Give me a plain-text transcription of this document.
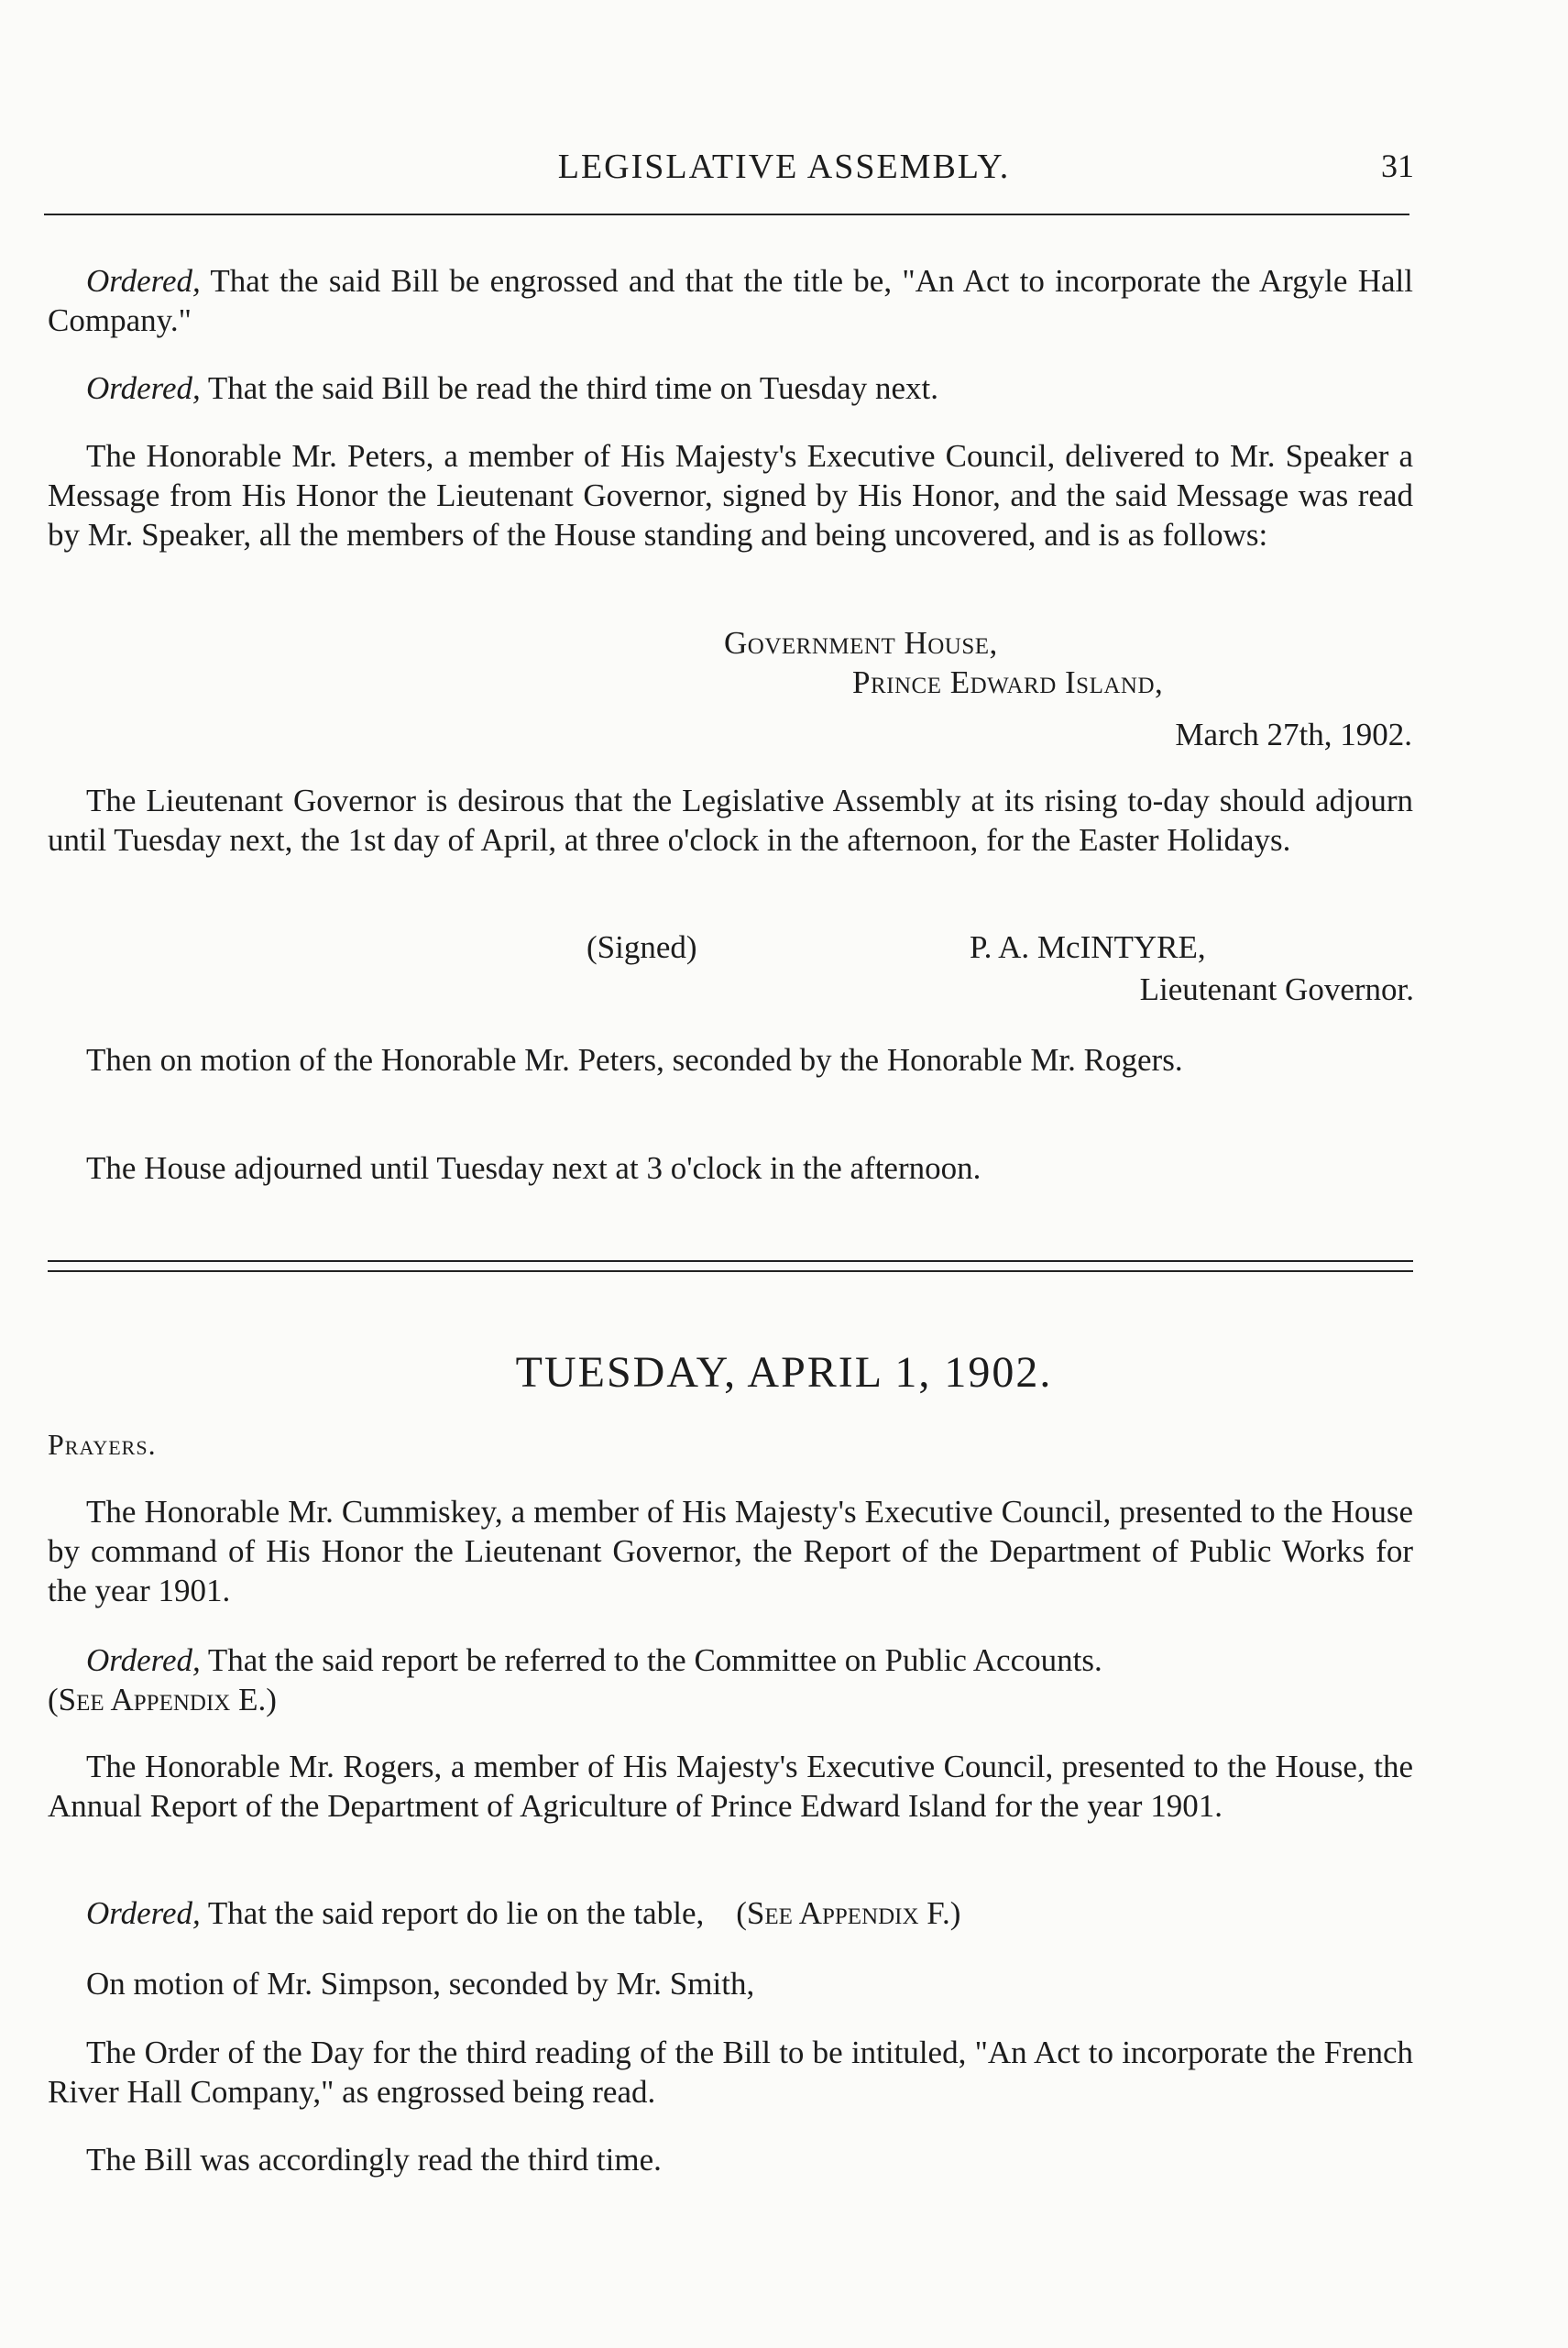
LEGISLATIVE ASSEMBLY.	31

Ordered, That the said Bill be engrossed and that the title be, "An Act to incorporate the Argyle Hall Company."

Ordered, That the said Bill be read the third time on Tuesday next.

The Honorable Mr. Peters, a member of His Majesty's Executive Council, delivered to Mr. Speaker a Message from His Honor the Lieutenant Governor, signed by His Honor, and the said Message was read by Mr. Speaker, all the members of the House standing and being uncovered, and is as follows:

Government House,
Prince Edward Island,
March 27th, 1902.

The Lieutenant Governor is desirous that the Legislative Assembly at its rising to-day should adjourn until Tuesday next, the 1st day of April, at three o'clock in the afternoon, for the Easter Holidays.

(Signed)	P. A. McINTYRE,
Lieutenant Governor.

Then on motion of the Honorable Mr. Peters, seconded by the Honorable Mr. Rogers.

The House adjourned until Tuesday next at 3 o'clock in the afternoon.

TUESDAY, APRIL 1, 1902.
Prayers.

The Honorable Mr. Cummiskey, a member of His Majesty's Executive Council, presented to the House by command of His Honor the Lieutenant Governor, the Report of the Department of Public Works for the year 1901.

Ordered, That the said report be referred to the Committee on Public Accounts.

(See Appendix E.)

The Honorable Mr. Rogers, a member of His Majesty's Executive Council, presented to the House, the Annual Report of the Department of Agriculture of Prince Edward Island for the year 1901.

Ordered, That the said report do lie on the table, (See Appendix F.)

On motion of Mr. Simpson, seconded by Mr. Smith,

The Order of the Day for the third reading of the Bill to be intituled, "An Act to incorporate the French River Hall Company," as engrossed being read.

The Bill was accordingly read the third time.
